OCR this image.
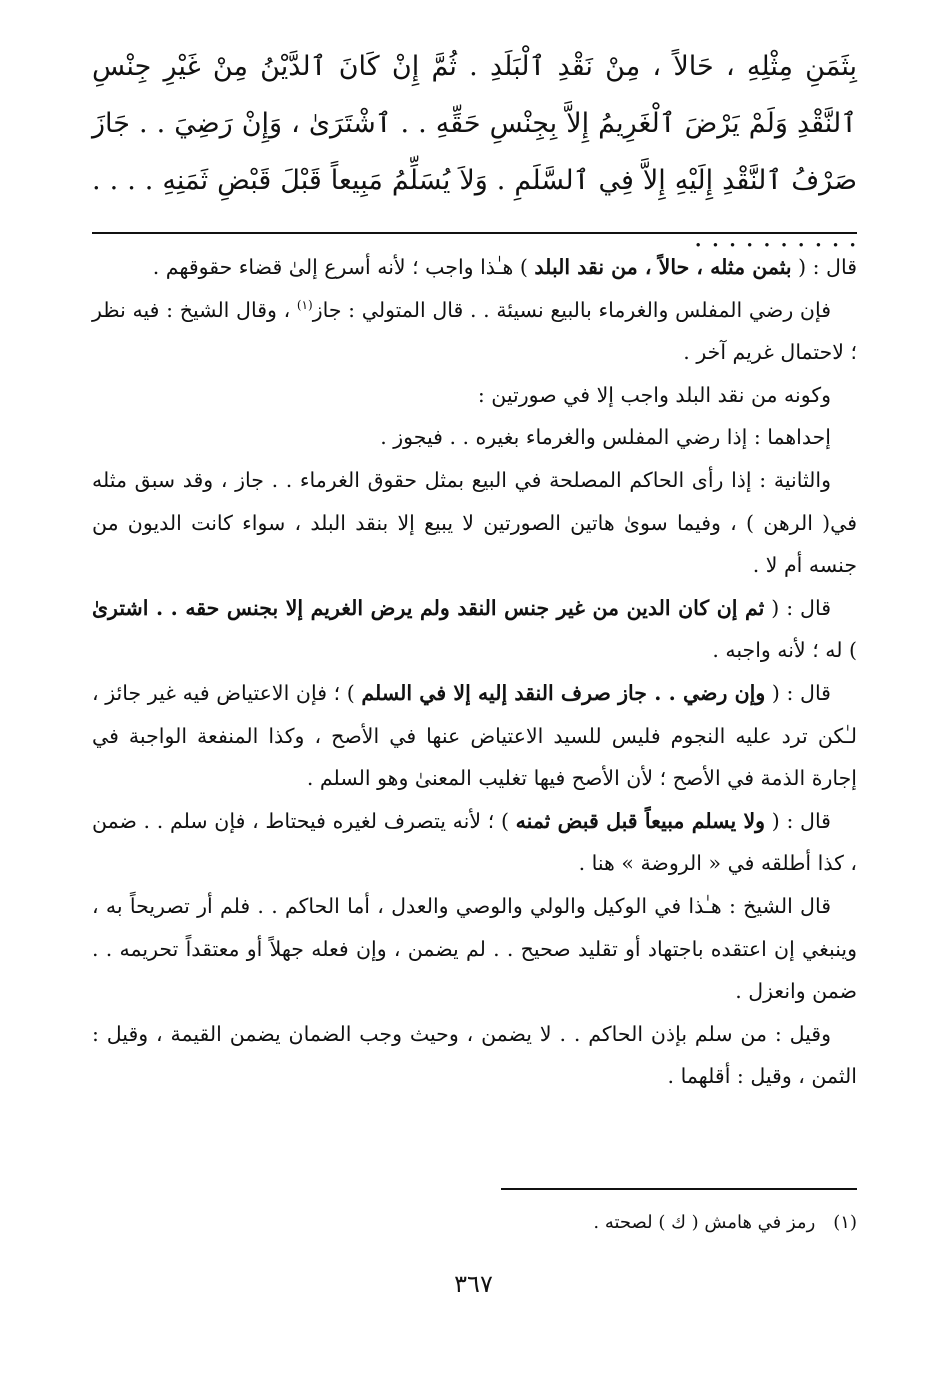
بِثَمَنِ مِثْلِهِ ، حَالاً ، مِنْ نَقْدِ ٱلْبَلَدِ . ثُمَّ إِنْ كَانَ ٱلدَّيْنُ مِنْ غَيْرِ جِنْسِ ٱلنَّقْدِ وَلَمْ يَرْضَ ٱلْغَرِيمُ إِلاَّ بِجِنْسِ حَقِّهِ . . ٱشْتَرَىٰ ، وَإِنْ رَضِيَ . . جَازَ صَرْفُ ٱلنَّقْدِ إِلَيْهِ إِلاَّ فِي ٱلسَّلَمِ . وَلاَ يُسَلِّمُ مَبِيعاً قَبْلَ قَبْضِ ثَمَنِهِ . . . . . . . . . . . . . .

قال : ( بثمن مثله ، حالاً ، من نقد البلد ) هـٰذا واجب ؛ لأنه أسرع إلىٰ قضاء حقوقهم .

فإن رضي المفلس والغرماء بالبيع نسيئة . . قال المتولي : جاز$^{(١)}$ ، وقال الشيخ : فيه نظر ؛ لاحتمال غريم آخر .

وكونه من نقد البلد واجب إلا في صورتين :

إحداهما : إذا رضي المفلس والغرماء بغيره . . فيجوز .

والثانية : إذا رأى الحاكم المصلحة في البيع بمثل حقوق الغرماء . . جاز ، وقد سبق مثله في( الرهن ) ، وفيما سوىٰ هاتين الصورتين لا يبيع إلا بنقد البلد ، سواء كانت الديون من جنسه أم لا .

قال : ( ثم إن كان الدين من غير جنس النقد ولم يرض الغريم إلا بجنس حقه . . اشترىٰ ) له ؛ لأنه واجبه .

قال : ( وإن رضي . . جاز صرف النقد إليه إلا في السلم ) ؛ فإن الاعتياض فيه غير جائز ، لـٰكن ترد عليه النجوم فليس للسيد الاعتياض عنها في الأصح ، وكذا المنفعة الواجبة في إجارة الذمة في الأصح ؛ لأن الأصح فيها تغليب المعنىٰ وهو السلم .

قال : ( ولا يسلم مبيعاً قبل قبض ثمنه ) ؛ لأنه يتصرف لغيره فيحتاط ، فإن سلم . . ضمن ، كذا أطلقه في « الروضة » هنا .

قال الشيخ : هـٰذا في الوكيل والولي والوصي والعدل ، أما الحاكم . . فلم أر تصريحاً به ، وينبغي إن اعتقده باجتهاد أو تقليد صحيح . . لم يضمن ، وإن فعله جهلاً أو معتقداً تحريمه . . ضمن وانعزل .

وقيل : من سلم بإذن الحاكم . . لا يضمن ، وحيث وجب الضمان يضمن القيمة ، وقيل : الثمن ، وقيل : أقلهما .

(١)رمز في هامش ( ك ) لصحته .
٣٦٧
